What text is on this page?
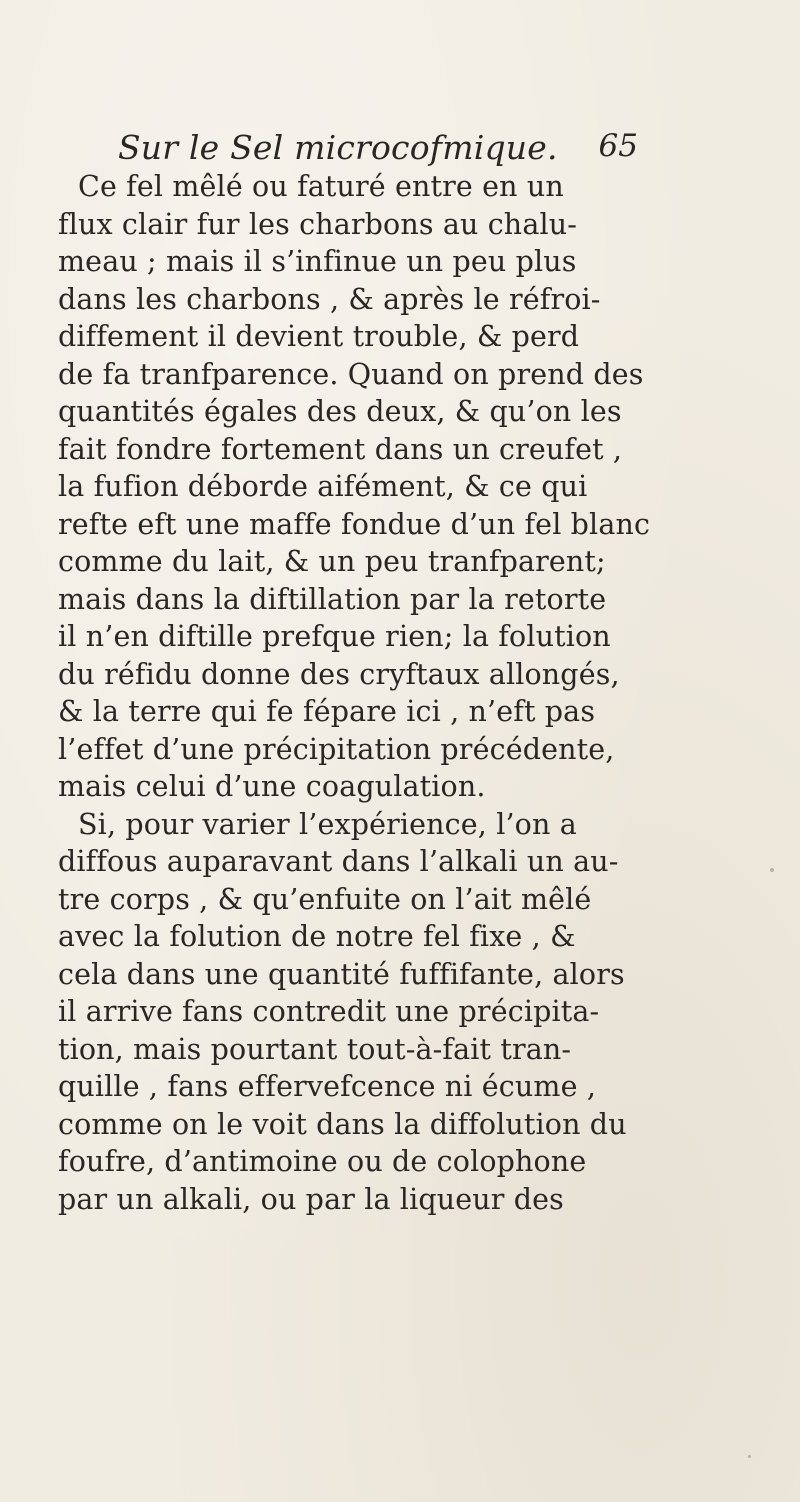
Sur le Sel microcofmique. 65
Ce fel mêlé ou faturé entre en un
flux clair fur les charbons au chalu-
meau ; mais il s’infinue un peu plus
dans les charbons , & après le réfroi-
diffement il devient trouble, & perd
de fa tranfparence. Quand on prend des
quantités égales des deux, & qu’on les
fait fondre fortement dans un creufet ,
la fufion déborde aifément, & ce qui
refte eft une maffe fondue d’un fel blanc
comme du lait, & un peu tranfparent;
mais dans la diftillation par la retorte
il n’en diftille prefque rien; la folution
du réfidu donne des cryftaux allongés,
& la terre qui fe fépare ici , n’eft pas
l’effet d’une précipitation précédente,
mais celui d’une coagulation.
Si, pour varier l’expérience, l’on a
diffous auparavant dans l’alkali un au-
tre corps , & qu’enfuite on l’ait mêlé
avec la folution de notre fel fixe , &
cela dans une quantité fuffifante, alors
il arrive fans contredit une précipita-
tion, mais pourtant tout-à-fait tran-
quille , fans effervefcence ni écume ,
comme on le voit dans la diffolution du
foufre, d’antimoine ou de colophone
par un alkali, ou par la liqueur des
